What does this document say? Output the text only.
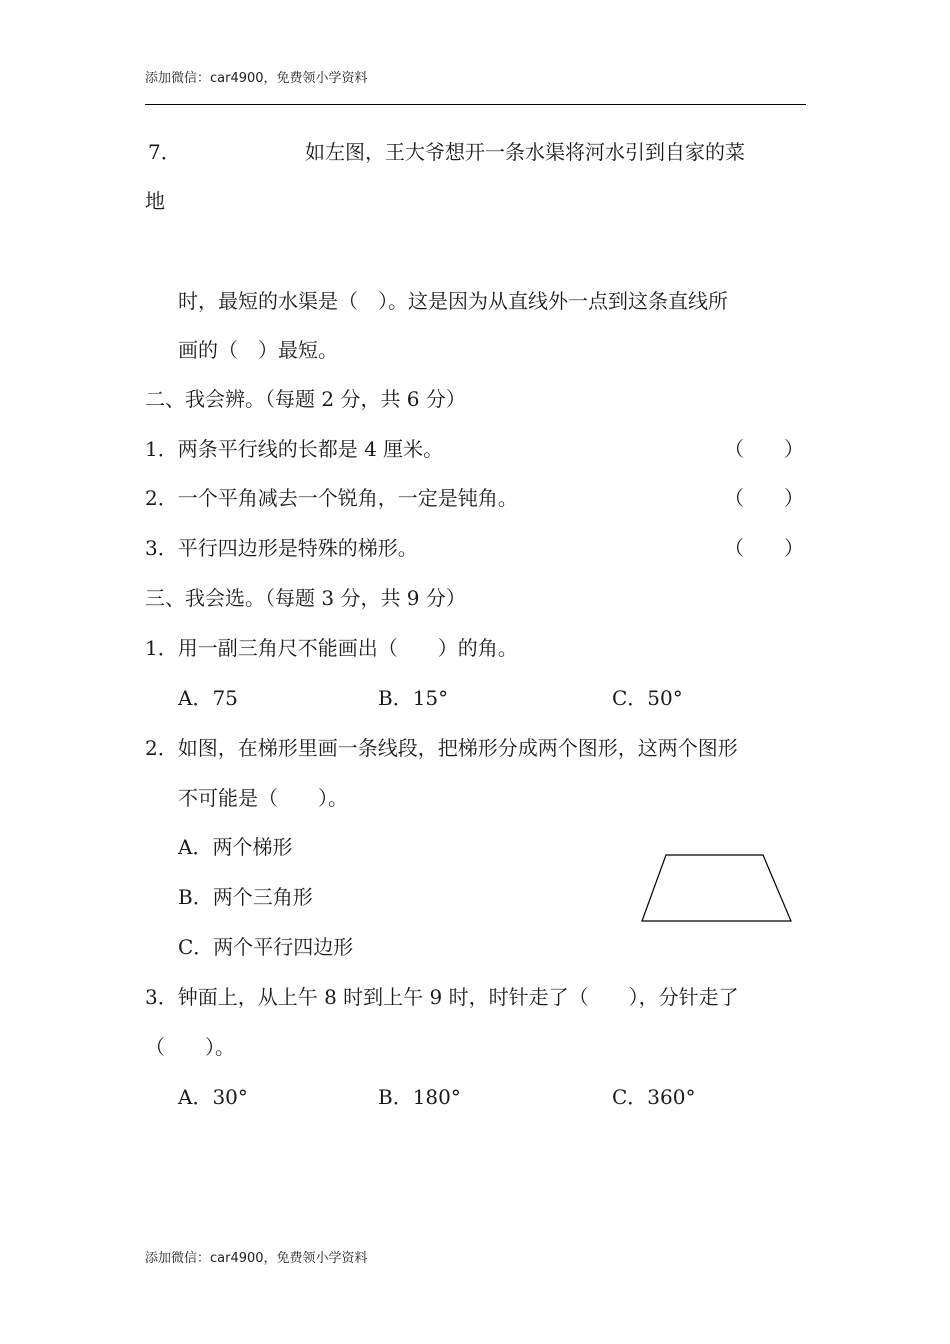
添加微信：car4900，免费领小学资料
7．	如左图，王大爷想开一条水渠将河水引到自家的菜
地
时，最短的水渠是（　）。这是因为从直线外一点到这条直线所
画的（　）最短。
二、我会辨。（每题 2 分，共 6 分）
1．两条平行线的长都是 4 厘米。	（　　）
2．一个平角减去一个锐角，一定是钝角。	（　　）
3．平行四边形是特殊的梯形。	（　　）
三、我会选。（每题 3 分，共 9 分）
1．用一副三角尺不能画出（　　）的角。
A．75	B．15°	C．50°
2．如图，在梯形里画一条线段，把梯形分成两个图形，这两个图形
不可能是（　　）。
A．两个梯形
B．两个三角形
C．两个平行四边形
3．钟面上，从上午 8 时到上午 9 时，时针走了（　　），分针走了
（　　）。
A．30°	B．180°	C．360°
添加微信：car4900，免费领小学资料
